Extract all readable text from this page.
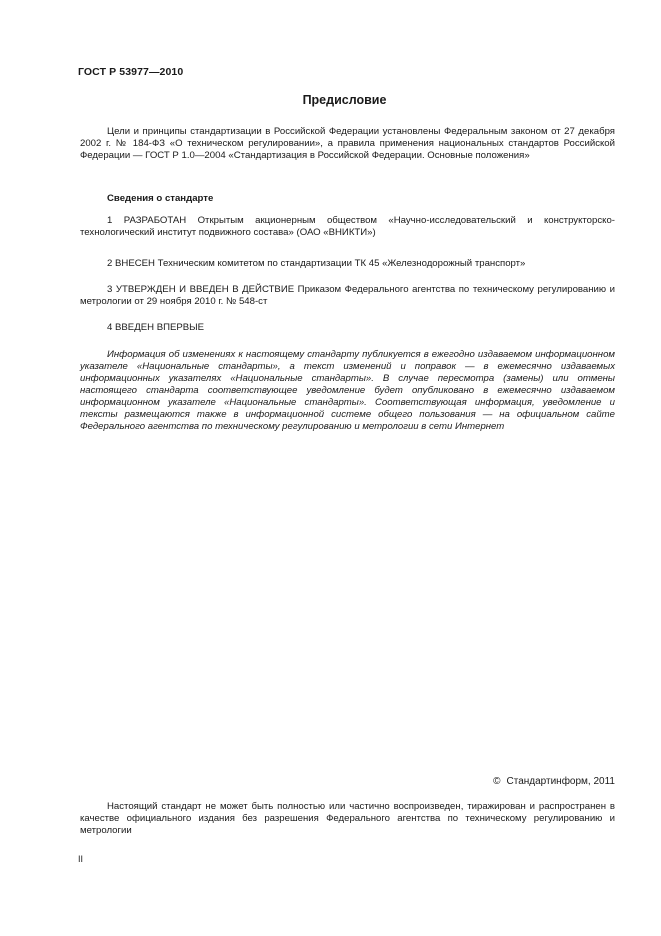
ГОСТ Р 53977—2010
Предисловие
Цели и принципы стандартизации в Российской Федерации установлены Федеральным законом от 27 декабря 2002 г. № 184-ФЗ «О техническом регулировании», а правила применения национальных стандартов Российской Федерации — ГОСТ Р 1.0—2004 «Стандартизация в Российской Федерации. Основные положения»
Сведения о стандарте
1 РАЗРАБОТАН Открытым акционерным обществом «Научно-исследовательский и конструкторско-технологический институт подвижного состава» (ОАО «ВНИКТИ»)
2 ВНЕСЕН Техническим комитетом по стандартизации ТК 45 «Железнодорожный транспорт»
3 УТВЕРЖДЕН И ВВЕДЕН В ДЕЙСТВИЕ Приказом Федерального агентства по техническому регулированию и метрологии от 29 ноября 2010 г. № 548-ст
4 ВВЕДЕН ВПЕРВЫЕ
Информация об изменениях к настоящему стандарту публикуется в ежегодно издаваемом информационном указателе «Национальные стандарты», а текст изменений и поправок — в ежемесячно издаваемых информационных указателях «Национальные стандарты». В случае пересмотра (замены) или отмены настоящего стандарта соответствующее уведомление будет опубликовано в ежемесячно издаваемом информационном указателе «Национальные стандарты». Соответствующая информация, уведомление и тексты размещаются также в информационной системе общего пользования — на официальном сайте Федерального агентства по техническому регулированию и метрологии в сети Интернет
© Стандартинформ, 2011
Настоящий стандарт не может быть полностью или частично воспроизведен, тиражирован и распространен в качестве официального издания без разрешения Федерального агентства по техническому регулированию и метрологии
II
